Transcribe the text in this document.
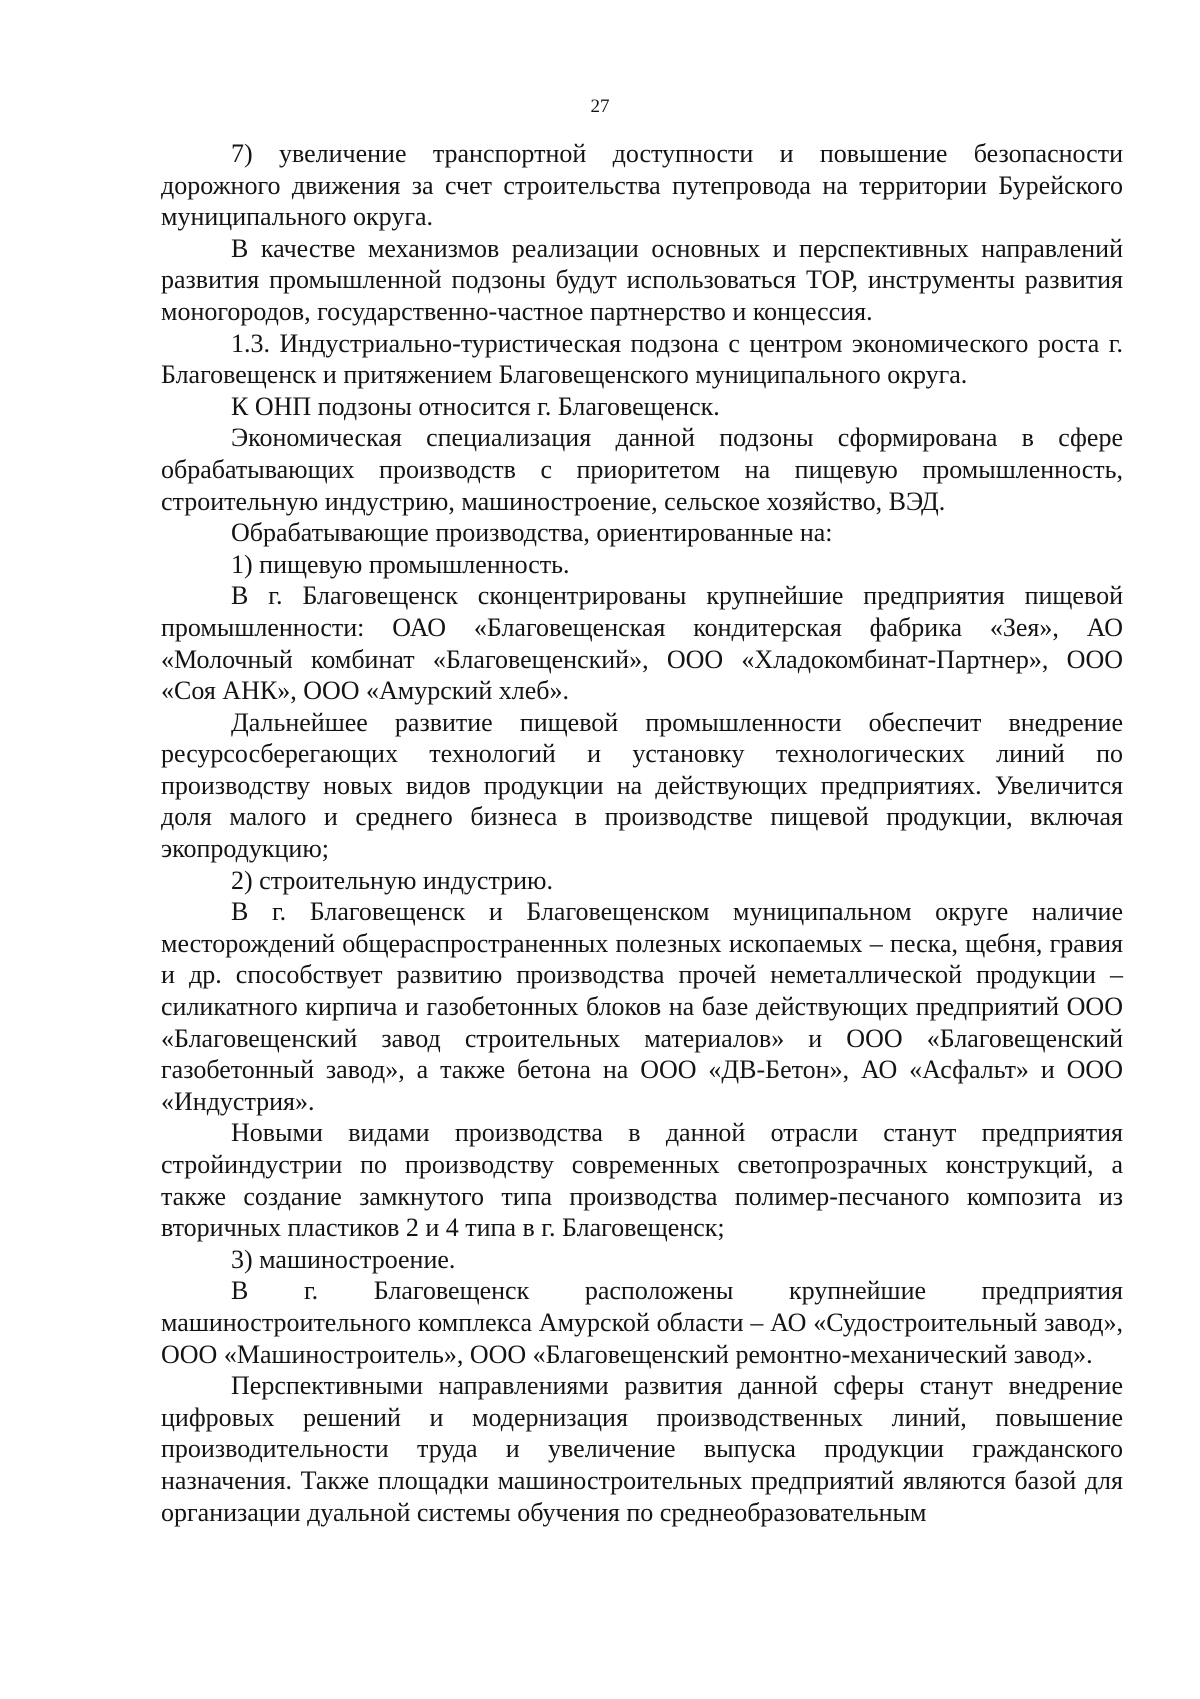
27

7) увеличение транспортной доступности и повышение безопасности дорожного движения за счет строительства путепровода на территории Бурейского муниципального округа.

В качестве механизмов реализации основных и перспективных направлений развития промышленной подзоны будут использоваться ТОР, инструменты развития моногородов, государственно-частное партнерство и концессия.

1.3. Индустриально-туристическая подзона с центром экономического роста г. Благовещенск и притяжением Благовещенского муниципального округа.

К ОНП подзоны относится г. Благовещенск.

Экономическая специализация данной подзоны сформирована в сфере обрабатывающих производств с приоритетом на пищевую промышленность, строительную индустрию, машиностроение, сельское хозяйство, ВЭД.

Обрабатывающие производства, ориентированные на:

1) пищевую промышленность.

В г. Благовещенск сконцентрированы крупнейшие предприятия пищевой промышленности: ОАО «Благовещенская кондитерская фабрика «Зея», АО «Молочный комбинат «Благовещенский», ООО «Хладокомбинат-Партнер», ООО «Соя АНК», ООО «Амурский хлеб».

Дальнейшее развитие пищевой промышленности обеспечит внедрение ресурсосберегающих технологий и установку технологических линий по производству новых видов продукции на действующих предприятиях. Увеличится доля малого и среднего бизнеса в производстве пищевой продукции, включая экопродукцию;

2) строительную индустрию.

В г. Благовещенск и Благовещенском муниципальном округе наличие месторождений общераспространенных полезных ископаемых – песка, щебня, гравия и др. способствует развитию производства прочей неметаллической продукции – силикатного кирпича и газобетонных блоков на базе действующих предприятий ООО «Благовещенский завод строительных материалов» и ООО «Благовещенский газобетонный завод», а также бетона на ООО «ДВ-Бетон», АО «Асфальт» и ООО «Индустрия».

Новыми видами производства в данной отрасли станут предприятия стройиндустрии по производству современных светопрозрачных конструкций, а также создание замкнутого типа производства полимер-песчаного композита из вторичных пластиков 2 и 4 типа в г. Благовещенск;

3) машиностроение.

В г. Благовещенск расположены крупнейшие предприятия машиностроительного комплекса Амурской области – АО «Судостроительный завод», ООО «Машиностроитель», ООО «Благовещенский ремонтно-механический завод».

Перспективными направлениями развития данной сферы станут внедрение цифровых решений и модернизация производственных линий, повышение производительности труда и увеличение выпуска продукции гражданского назначения. Также площадки машиностроительных предприятий являются базой для организации дуальной системы обучения по среднеобразовательным
